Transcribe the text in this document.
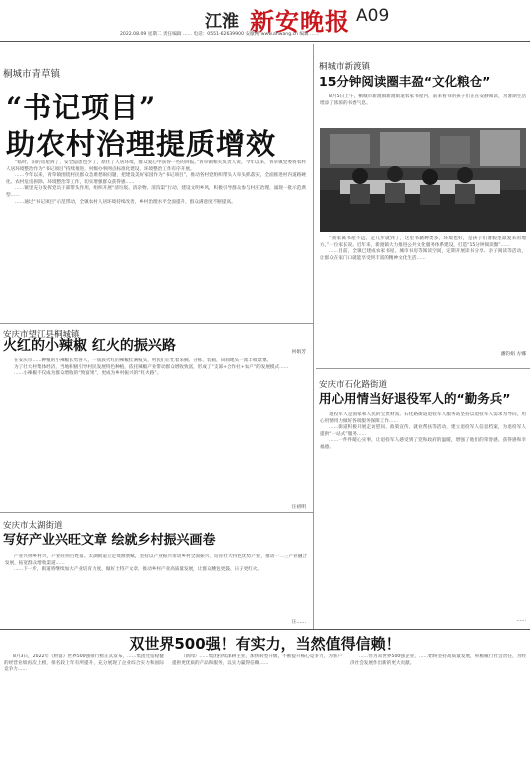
江淮 新安晚报 A09
2022.08.09 星期二 责任编辑 …… 电话：0551-62639900 安徽网 www.ahwang.cn 编辑 ……
桐城市青草镇
“书记项目”
助农村治理提质增效

“临时、旧的房屋拆了，安全隐患也少了，原住了人居环境，群众爱心中获得一些的回报。”青草镇相关负责人说。今年以来，青草镇党委将农村人居环境整治作为“书记项目”持续推进，村级办事网点标准化建设、环境整治工作有序开展。

……今年以来，青草镇围绕村民群众急难愁盼问题，把建设美好家园作为“书记项目”，推动各村党组织带头人牵头抓落实，全面推进村内道路硬化、农村危房拆除、环境整治等工作，切实增强群众获得感……

……镇里充分发挥党员干部带头作用，组织开展“清垃圾、清杂物、清沟渠”行动，建设文明乡风，积极引导群众参与村庄治理，涌现一批示范典型……

……通过“书记项目”示范带动，全镇农村人居环境持续改善，乡村治理水平全面提升，群众满意度不断提高。

何娟芳
安庆市望江县桐城镇
火红的小辣椒 红火的振兴路

在安庆市……种植的小辣椒长势喜人，一簇簇火红的辣椒挂满枝头，村民们正忙着采摘、分拣、装箱，田间地头一派丰收景象。

为了壮大村集体经济，当地积极引导村民发展特色种植，依托辣椒产业带动群众增收致富，形成了“支部+合作社+农户”的发展模式……

……小辣椒不仅成为群众增收的“致富果”，更成为乡村振兴的“红火路”。

汪初明
安庆市太湖街道
写好产业兴旺文章 绘就乡村振兴画卷

产业兴则乡村兴，产业旺则百姓富。太湖街道立足资源禀赋，坚持以产业振兴带动乡村全面振兴，培育壮大特色优势产业，推动一二三产业融合发展，拓宽群众增收渠道……

……下一步，街道将继续加大产业培育力度，做好土特产文章，推动乡村产业高质量发展，让群众腰包更鼓、日子更红火。

汪……
桐城市新渡镇
15分钟阅读圈丰盈“文化粮仓”

8月5日上午，桐城市新渡镇新渡街道农家书屋内，前来看书的孩子们正在安静阅读，为暑期生活增添了浓浓的书香气息。

“我家离书屋不远，走几步就到了，这里书籍种类多，环境也好，是孩子们暑假里最爱来的地方。”一位家长说。近年来，新渡镇大力推进公共文化服务体系建设，打造“15分钟阅读圈”……

……目前，全镇已建成农家书屋、城市书房等阅读空间，定期开展读书分享、亲子阅读等活动，让群众在家门口就能享受到丰富的精神文化生活……

潘钧娟 方娜
安庆市石化路街道
用心用情当好退役军人的“勤务兵”

退役军人是国家和人民的宝贵财富。石化路街道退役军人服务站坚持以退役军人需求为导向，用心用情用力做好各项服务保障工作……

……街道积极开展走访慰问、政策宣传、就业帮扶等活动，建立退役军人信息档案，为退役军人提供“一站式”服务……

……一件件暖心实事，让退役军人感受到了党和政府的温暖，增强了他们的荣誉感、获得感和幸福感。

……
双世界500强！有实力，当然值得信赖！

8月3日，2022年《财富》世界500强排行榜正式发布，……集团凭借稳健的经营业绩再次上榜，排名较上年有所提升，充分展现了企业综合实力和国际竞争力……

（新闻）……集团持续深耕主业，加快转型升级，不断提升核心竞争力，为客户提供更优质的产品和服务，以实力赢得信赖……

……作为双世界500强企业，……始终坚持高质量发展，积极履行社会责任，为经济社会发展作出新的更大贡献。
